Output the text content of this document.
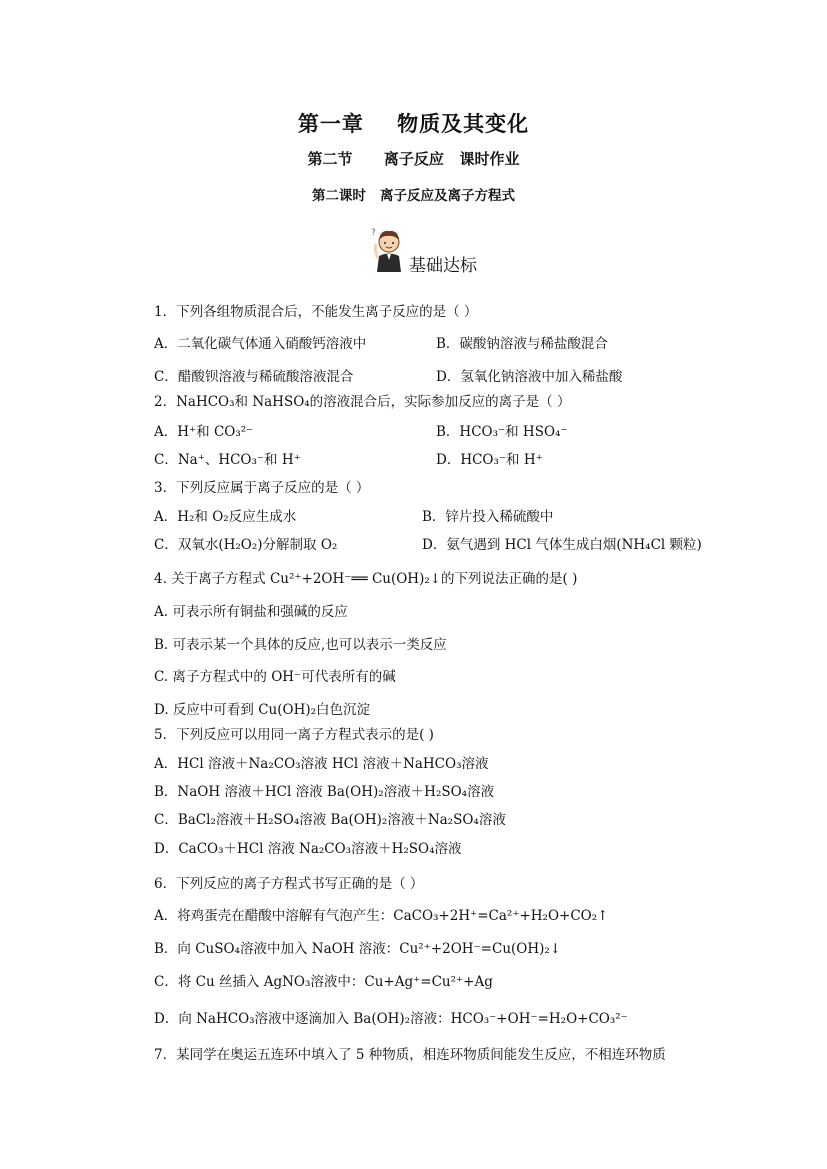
第一章    物质及其变化
第二节      离子反应   课时作业
第二课时   离子反应及离子方程式
?
基础达标
1．下列各组物质混合后，不能发生离子反应的是（ ）
A．二氧化碳气体通入硝酸钙溶液中	B．碳酸钠溶液与稀盐酸混合
C．醋酸钡溶液与稀硫酸溶液混合	D．氢氧化钠溶液中加入稀盐酸
2．NaHCO₃和 NaHSO₄的溶液混合后，实际参加反应的离子是（ ）
A．H⁺和 CO₃²⁻	B．HCO₃⁻和 HSO₄⁻
C．Na⁺、HCO₃⁻和 H⁺	D．HCO₃⁻和 H⁺
3．下列反应属于离子反应的是（ ）
A．H₂和 O₂反应生成水	B．锌片投入稀硫酸中
C．双氧水(H₂O₂)分解制取 O₂	D．氨气遇到 HCl 气体生成白烟(NH₄Cl 颗粒)
4. 关于离子方程式 Cu²⁺+2OH⁻══ Cu(OH)₂↓的下列说法正确的是( )
A. 可表示所有铜盐和强碱的反应
B. 可表示某一个具体的反应,也可以表示一类反应
C. 离子方程式中的 OH⁻可代表所有的碱
D. 反应中可看到 Cu(OH)₂白色沉淀
5．下列反应可以用同一离子方程式表示的是( )
A．HCl 溶液＋Na₂CO₃溶液 HCl 溶液＋NaHCO₃溶液
B．NaOH 溶液＋HCl 溶液 Ba(OH)₂溶液＋H₂SO₄溶液
C．BaCl₂溶液＋H₂SO₄溶液 Ba(OH)₂溶液＋Na₂SO₄溶液
D．CaCO₃＋HCl 溶液 Na₂CO₃溶液＋H₂SO₄溶液
6．下列反应的离子方程式书写正确的是（ ）
A．将鸡蛋壳在醋酸中溶解有气泡产生：CaCO₃+2H⁺=Ca²⁺+H₂O+CO₂↑
B．向 CuSO₄溶液中加入 NaOH 溶液：Cu²⁺+2OH⁻=Cu(OH)₂↓
C．将 Cu 丝插入 AgNO₃溶液中：Cu+Ag⁺=Cu²⁺+Ag
D．向 NaHCO₃溶液中逐滴加入 Ba(OH)₂溶液：HCO₃⁻+OH⁻=H₂O+CO₃²⁻
7．某同学在奥运五连环中填入了 5 种物质，相连环物质间能发生反应，不相连环物质
